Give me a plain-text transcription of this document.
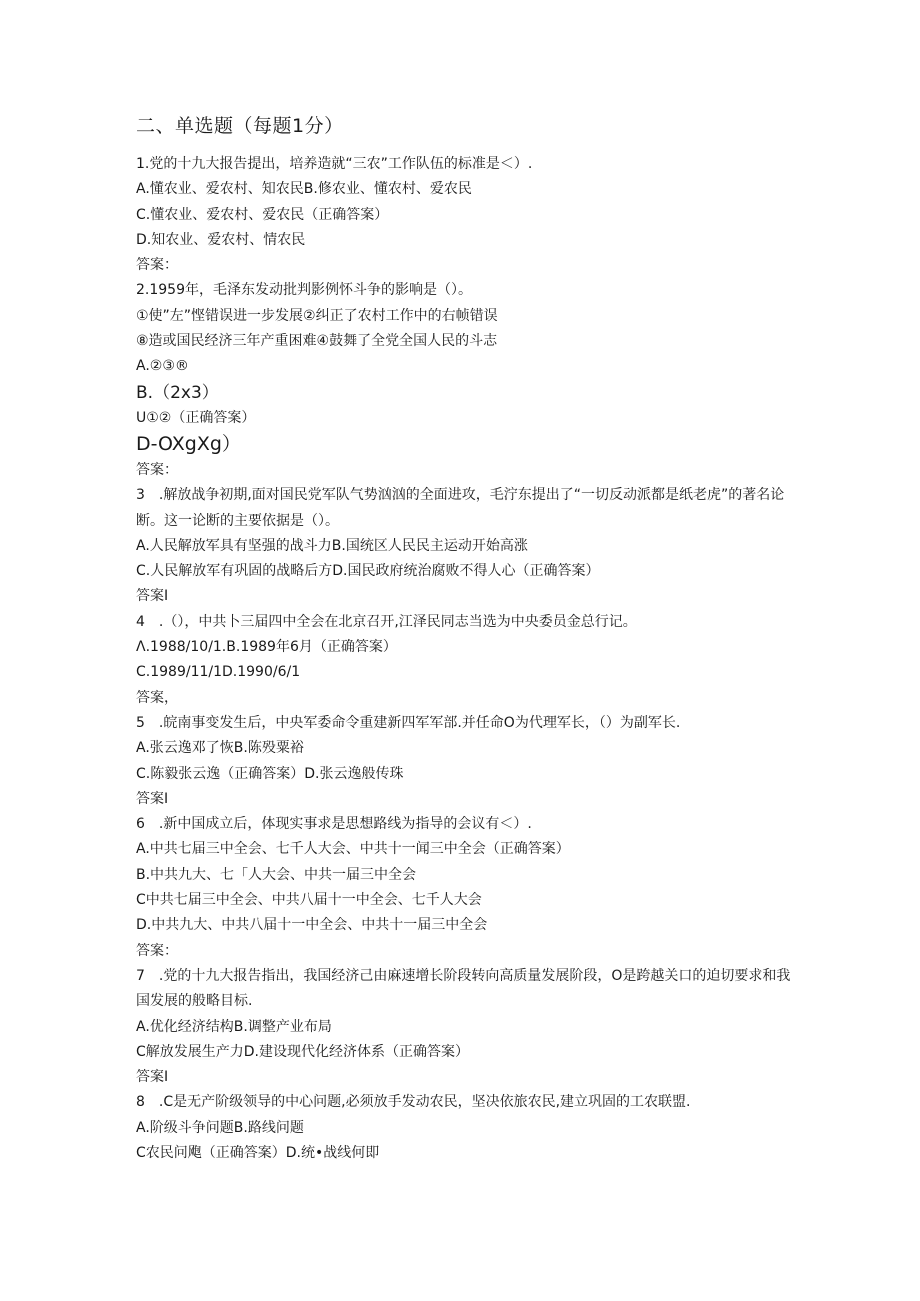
二、单选题（每题1分）
1.党的十九大报告提出，培养造就“三农”工作队伍的标准是＜）.
A.懂农业、爱农村、知农民B.修农业、懂农村、爱农民
C.懂农业、爱农村、爱农民（正确答案）
D.知农业、爱农村、情农民
答案：
2.1959年，毛泽东发动批判影例怀斗争的影响是（）。
①使”左”悭错误进一步发展②纠正了农村工作中的右帧错误
⑧造或国民经济三年产重困难④鼓舞了全党全国人民的斗志
A.②③®
B.（2x3）
U①②（正确答案）
D-OXgXg）
答案：
3　.解放战争初期,面对国民党军队气势汹汹的全面进攻，毛泞东提出了“一切反动派都是纸老虎”的著名论断。这一论断的主要依据是（）。
A.人民解放军具有坚强的战斗力B.国统区人民民主运动开始高涨
C.人民解放军有巩固的战略后方D.国民政府统治腐败不得人心（正确答案）
答案I
4　.（），中共卜三届四中全会在北京召开,江泽民同志当选为中央委员金总行记。
Λ.1988/10/1.B.1989年6月（正确答案）
C.1989/11/1D.1990/6/1
答案，
5　.皖南事变发生后，中央军委命令重建新四军军部.并任命O为代理军长，（）为副军长.
A.张云逸邓了恢B.陈殁粟裕
C.陈毅张云逸（正确答案）D.张云逸般传珠
答案I
6　.新中国成立后，体现实事求是思想路线为指导的会议有＜）.
A.中共七届三中全会、七千人大会、中共十一闻三中全会（正确答案）
B.中共九大、七「人大会、中共一届三中全会
C中共七届三中全会、中共八届十一中全会、七千人大会
D.中共九大、中共八届十一中全会、中共十一届三中全会
答案：
7　.党的十九大报告指出，我国经济己由麻速增长阶段转向高质量发展阶段，O是跨越关口的迫切要求和我国发展的般略目标.
A.优化经济结构B.调整产业布局
C解放发展生产力D.建设现代化经济体系（正确答案）
答案I
8　.C是无产阶级领导的中心问题,必须放手发动农民，坚决依旅农民,建立巩固的工农联盟.
A.阶级斗争问题B.路线问题
C农民问飑（正确答案）D.统•战线何即
